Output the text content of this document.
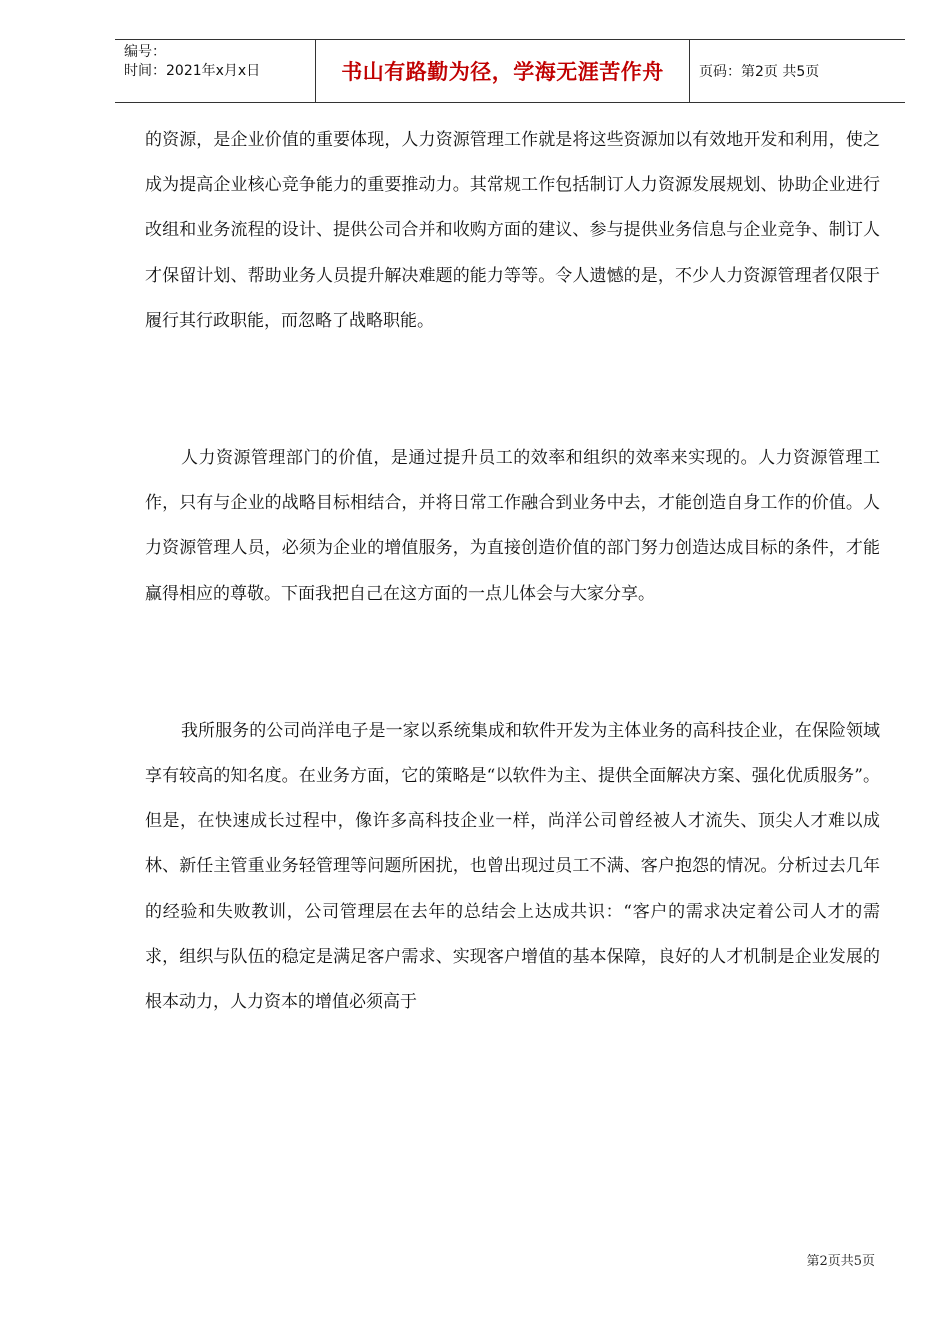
编号：
时间：2021年x月x日	书山有路勤为径，学海无涯苦作舟	页码：第2页 共5页

的资源，是企业价值的重要体现，人力资源管理工作就是将这些资源加以有效地开发和利用，使之成为提高企业核心竞争能力的重要推动力。其常规工作包括制订人力资源发展规划、协助企业进行改组和业务流程的设计、提供公司合并和收购方面的建议、参与提供业务信息与企业竞争、制订人才保留计划、帮助业务人员提升解决难题的能力等等。令人遗憾的是，不少人力资源管理者仅限于履行其行政职能，而忽略了战略职能。

人力资源管理部门的价值，是通过提升员工的效率和组织的效率来实现的。人力资源管理工作，只有与企业的战略目标相结合，并将日常工作融合到业务中去，才能创造自身工作的价值。人力资源管理人员，必须为企业的增值服务，为直接创造价值的部门努力创造达成目标的条件，才能赢得相应的尊敬。下面我把自己在这方面的一点儿体会与大家分享。

我所服务的公司尚洋电子是一家以系统集成和软件开发为主体业务的高科技企业，在保险领域享有较高的知名度。在业务方面，它的策略是“以软件为主、提供全面解决方案、强化优质服务”。但是，在快速成长过程中，像许多高科技企业一样，尚洋公司曾经被人才流失、顶尖人才难以成林、新任主管重业务轻管理等问题所困扰，也曾出现过员工不满、客户抱怨的情况。分析过去几年的经验和失败教训，公司管理层在去年的总结会上达成共识：“客户的需求决定着公司人才的需求，组织与队伍的稳定是满足客户需求、实现客户增值的基本保障，良好的人才机制是企业发展的根本动力，人力资本的增值必须高于

第2页共5页
